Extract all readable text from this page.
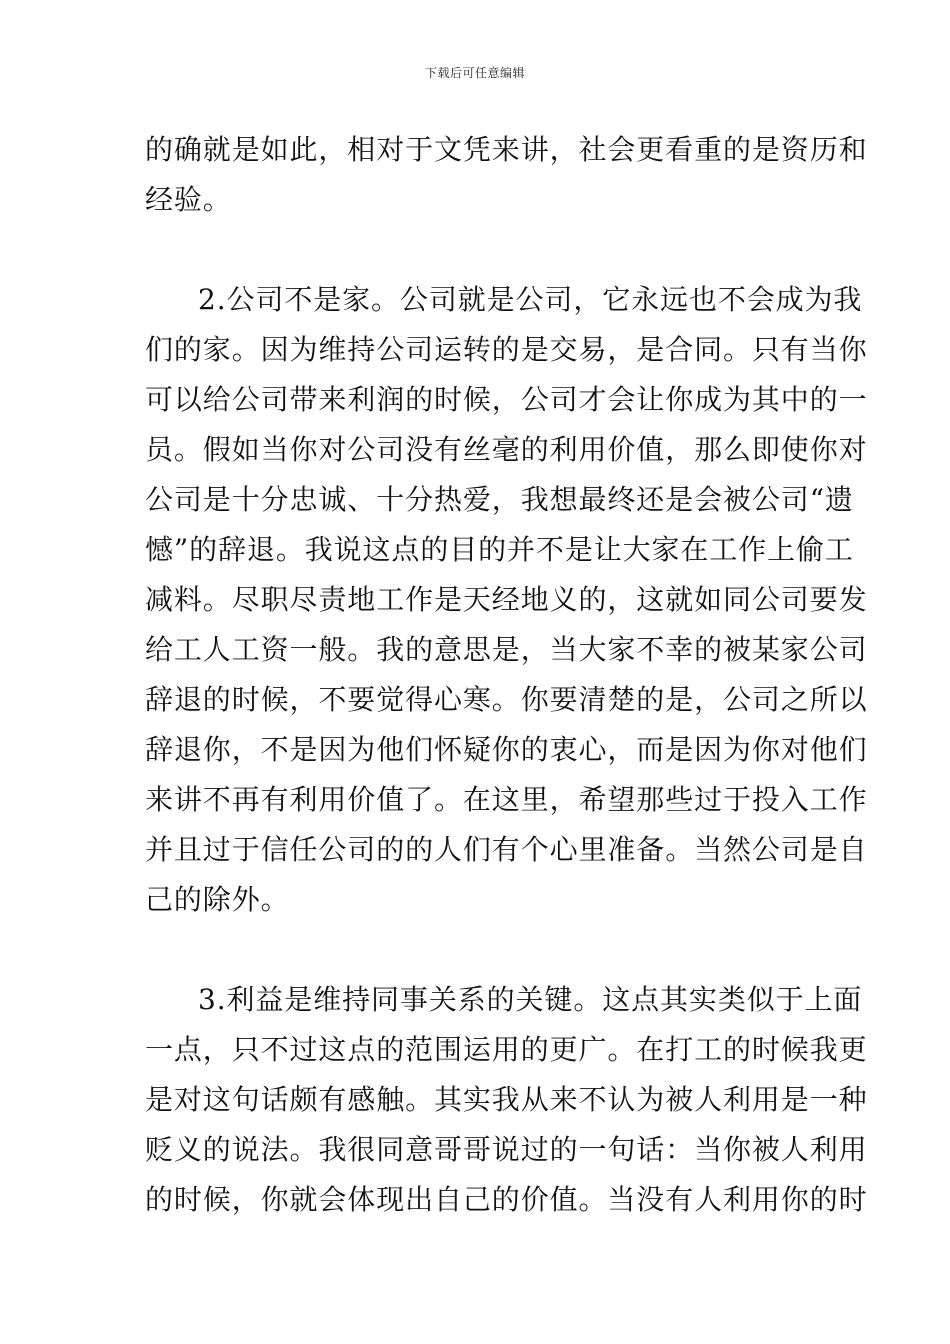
下载后可任意编辑
的确就是如此，相对于文凭来讲，社会更看重的是资历和
经验。
2.公司不是家。公司就是公司，它永远也不会成为我
们的家。因为维持公司运转的是交易，是合同。只有当你
可以给公司带来利润的时候，公司才会让你成为其中的一
员。假如当你对公司没有丝毫的利用价值，那么即使你对
公司是十分忠诚、十分热爱，我想最终还是会被公司“遗
憾”的辞退。我说这点的目的并不是让大家在工作上偷工
减料。尽职尽责地工作是天经地义的，这就如同公司要发
给工人工资一般。我的意思是，当大家不幸的被某家公司
辞退的时候，不要觉得心寒。你要清楚的是，公司之所以
辞退你，不是因为他们怀疑你的衷心，而是因为你对他们
来讲不再有利用价值了。在这里，希望那些过于投入工作
并且过于信任公司的的人们有个心里准备。当然公司是自
己的除外。
3.利益是维持同事关系的关键。这点其实类似于上面
一点，只不过这点的范围运用的更广。在打工的时候我更
是对这句话颇有感触。其实我从来不认为被人利用是一种
贬义的说法。我很同意哥哥说过的一句话：当你被人利用
的时候，你就会体现出自己的价值。当没有人利用你的时
